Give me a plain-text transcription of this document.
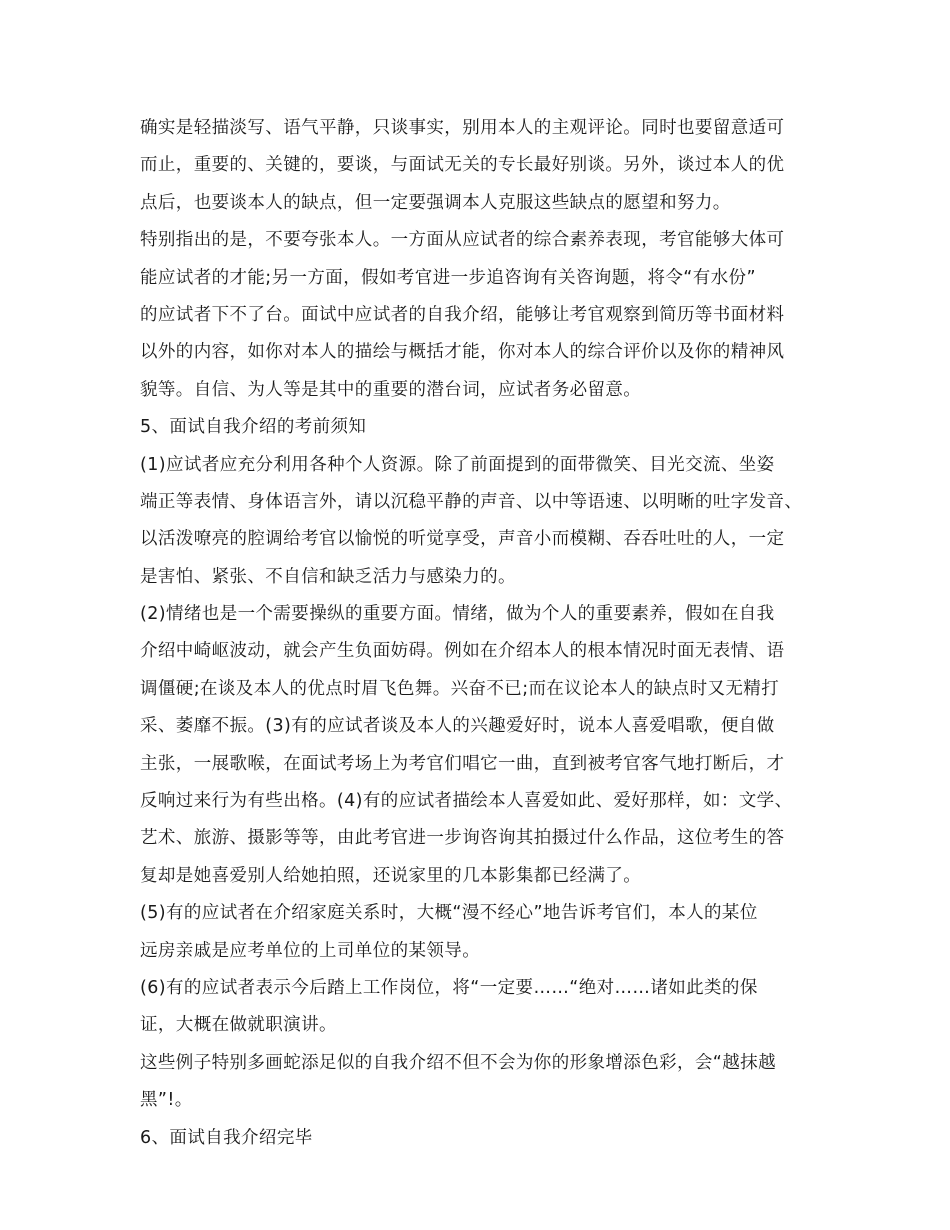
确实是轻描淡写、语气平静，只谈事实，别用本人的主观评论。同时也要留意适可
而止，重要的、关键的，要谈，与面试无关的专长最好别谈。另外，谈过本人的优
点后，也要谈本人的缺点，但一定要强调本人克服这些缺点的愿望和努力。
特别指出的是，不要夸张本人。一方面从应试者的综合素养表现，考官能够大体可
能应试者的才能;另一方面，假如考官进一步追咨询有关咨询题，将令“有水份”
的应试者下不了台。面试中应试者的自我介绍，能够让考官观察到简历等书面材料
以外的内容，如你对本人的描绘与概括才能，你对本人的综合评价以及你的精神风
貌等。自信、为人等是其中的重要的潜台词，应试者务必留意。
5、面试自我介绍的考前须知
(1)应试者应充分利用各种个人资源。除了前面提到的面带微笑、目光交流、坐姿
端正等表情、身体语言外，请以沉稳平静的声音、以中等语速、以明晰的吐字发音、
以活泼嘹亮的腔调给考官以愉悦的听觉享受，声音小而模糊、吞吞吐吐的人，一定
是害怕、紧张、不自信和缺乏活力与感染力的。
(2)情绪也是一个需要操纵的重要方面。情绪，做为个人的重要素养，假如在自我
介绍中崎岖波动，就会产生负面妨碍。例如在介绍本人的根本情况时面无表情、语
调僵硬;在谈及本人的优点时眉飞色舞。兴奋不已;而在议论本人的缺点时又无精打
采、萎靡不振。(3)有的应试者谈及本人的兴趣爱好时，说本人喜爱唱歌，便自做
主张，一展歌喉，在面试考场上为考官们唱它一曲，直到被考官客气地打断后，才
反响过来行为有些出格。(4)有的应试者描绘本人喜爱如此、爱好那样，如：文学、
艺术、旅游、摄影等等，由此考官进一步询咨询其拍摄过什么作品，这位考生的答
复却是她喜爱别人给她拍照，还说家里的几本影集都已经满了。
(5)有的应试者在介绍家庭关系时，大概“漫不经心”地告诉考官们，本人的某位
远房亲戚是应考单位的上司单位的某领导。
(6)有的应试者表示今后踏上工作岗位，将“一定要……“绝对……诸如此类的保
证，大概在做就职演讲。
这些例子特别多画蛇添足似的自我介绍不但不会为你的形象增添色彩，会“越抹越
黑”!。
6、面试自我介绍完毕
